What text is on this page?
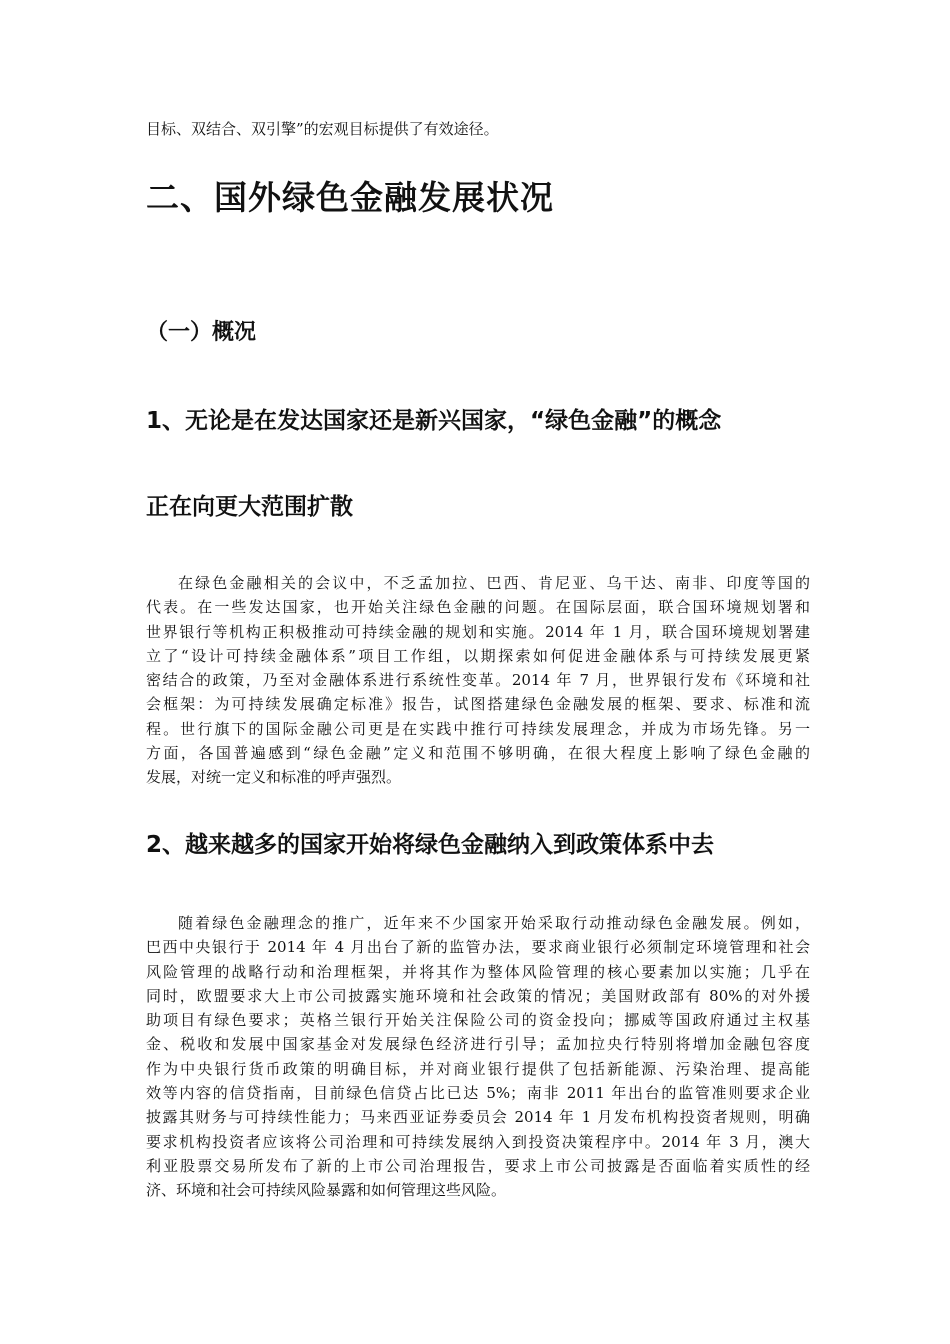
目标、双结合、双引擎”的宏观目标提供了有效途径。
二、国外绿色金融发展状况
（一）概况
1、无论是在发达国家还是新兴国家，“绿色金融”的概念
正在向更大范围扩散
在绿色金融相关的会议中，不乏孟加拉、巴西、肯尼亚、乌干达、南非、印度等国的
代表。在一些发达国家，也开始关注绿色金融的问题。在国际层面，联合国环境规划署和
世界银行等机构正积极推动可持续金融的规划和实施。2014 年 1 月，联合国环境规划署建
立了“设计可持续金融体系”项目工作组，以期探索如何促进金融体系与可持续发展更紧
密结合的政策，乃至对金融体系进行系统性变革。2014 年 7 月，世界银行发布《环境和社
会框架：为可持续发展确定标准》报告，试图搭建绿色金融发展的框架、要求、标准和流
程。世行旗下的国际金融公司更是在实践中推行可持续发展理念，并成为市场先锋。另一
方面，各国普遍感到“绿色金融”定义和范围不够明确，在很大程度上影响了绿色金融的
发展，对统一定义和标准的呼声强烈。
2、越来越多的国家开始将绿色金融纳入到政策体系中去
随着绿色金融理念的推广，近年来不少国家开始采取行动推动绿色金融发展。例如，
巴西中央银行于 2014 年 4 月出台了新的监管办法，要求商业银行必须制定环境管理和社会
风险管理的战略行动和治理框架，并将其作为整体风险管理的核心要素加以实施；几乎在
同时，欧盟要求大上市公司披露实施环境和社会政策的情况；美国财政部有 80%的对外援
助项目有绿色要求；英格兰银行开始关注保险公司的资金投向；挪威等国政府通过主权基
金、税收和发展中国家基金对发展绿色经济进行引导；孟加拉央行特别将增加金融包容度
作为中央银行货币政策的明确目标，并对商业银行提供了包括新能源、污染治理、提高能
效等内容的信贷指南，目前绿色信贷占比已达 5%；南非 2011 年出台的监管准则要求企业
披露其财务与可持续性能力；马来西亚证券委员会 2014 年 1 月发布机构投资者规则，明确
要求机构投资者应该将公司治理和可持续发展纳入到投资决策程序中。2014 年 3 月，澳大
利亚股票交易所发布了新的上市公司治理报告，要求上市公司披露是否面临着实质性的经
济、环境和社会可持续风险暴露和如何管理这些风险。
